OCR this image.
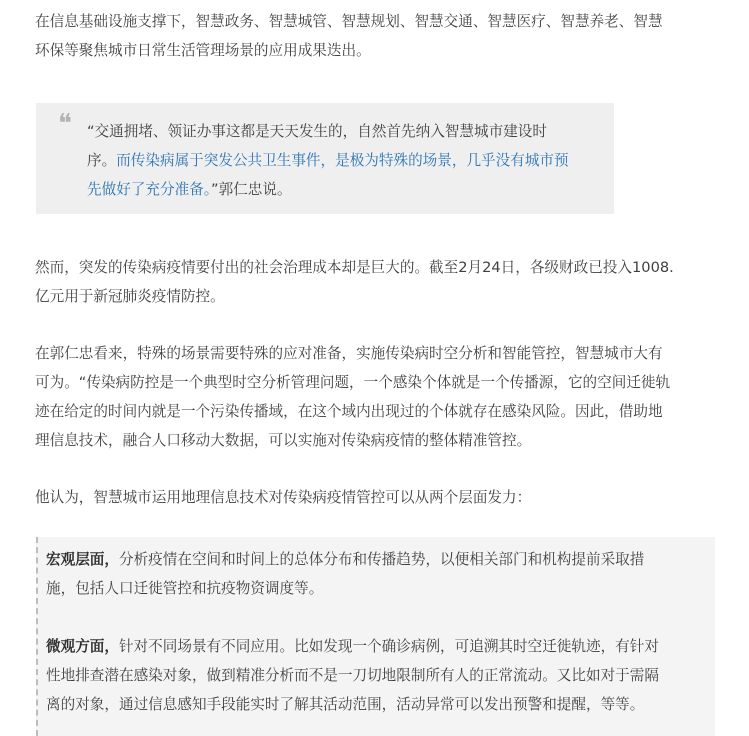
在信息基础设施支撑下，智慧政务、智慧城管、智慧规划、智慧交通、智慧医疗、智慧养老、智慧
环保等聚焦城市日常生活管理场景的应用成果迭出。
❝ “交通拥堵、领证办事这都是天天发生的，自然首先纳入智慧城市建设时
序。而传染病属于突发公共卫生事件，是极为特殊的场景，几乎没有城市预
先做好了充分准备。”郭仁忠说。
然而，突发的传染病疫情要付出的社会治理成本却是巨大的。截至2月24日，各级财政已投入1008.
亿元用于新冠肺炎疫情防控。
在郭仁忠看来，特殊的场景需要特殊的应对准备，实施传染病时空分析和智能管控，智慧城市大有
可为。“传染病防控是一个典型时空分析管理问题，一个感染个体就是一个传播源，它的空间迁徙轨
迹在给定的时间内就是一个污染传播域，在这个域内出现过的个体就存在感染风险。因此，借助地
理信息技术，融合人口移动大数据，可以实施对传染病疫情的整体精准管控。
他认为，智慧城市运用地理信息技术对传染病疫情管控可以从两个层面发力：
宏观层面，分析疫情在空间和时间上的总体分布和传播趋势，以便相关部门和机构提前采取措
施，包括人口迁徙管控和抗疫物资调度等。
微观方面，针对不同场景有不同应用。比如发现一个确诊病例，可追溯其时空迁徙轨迹，有针对
性地排查潜在感染对象，做到精准分析而不是一刀切地限制所有人的正常流动。又比如对于需隔
离的对象，通过信息感知手段能实时了解其活动范围，活动异常可以发出预警和提醒，等等。
